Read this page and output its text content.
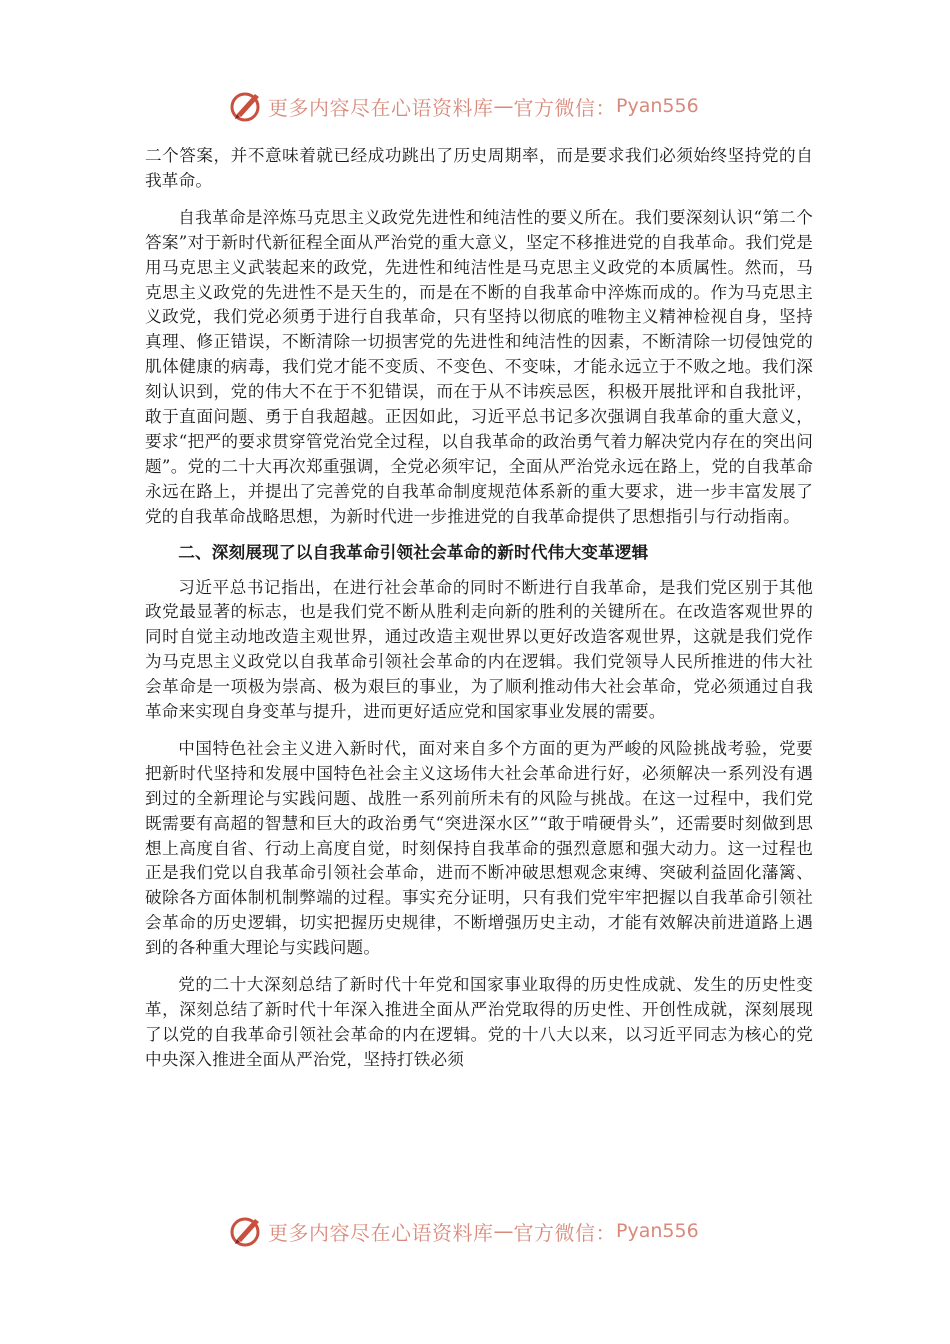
更多内容尽在心语资料库 — 官方微信： Pyan556

二个答案，并不意味着就已经成功跳出了历史周期率，而是要求我们必须始终坚持党的自我革命。

自我革命是淬炼马克思主义政党先进性和纯洁性的要义所在。我们要深刻认识“第二个答案”对于新时代新征程全面从严治党的重大意义，坚定不移推进党的自我革命。我们党是用马克思主义武装起来的政党，先进性和纯洁性是马克思主义政党的本质属性。然而，马克思主义政党的先进性不是天生的，而是在不断的自我革命中淬炼而成的。作为马克思主义政党，我们党必须勇于进行自我革命，只有坚持以彻底的唯物主义精神检视自身，坚持真理、修正错误，不断清除一切损害党的先进性和纯洁性的因素，不断清除一切侵蚀党的肌体健康的病毒，我们党才能不变质、不变色、不变味，才能永远立于不败之地。我们深刻认识到，党的伟大不在于不犯错误，而在于从不讳疾忌医，积极开展批评和自我批评，敢于直面问题、勇于自我超越。正因如此，习近平总书记多次强调自我革命的重大意义，要求“把严的要求贯穿管党治党全过程，以自我革命的政治勇气着力解决党内存在的突出问题”。党的二十大再次郑重强调，全党必须牢记，全面从严治党永远在路上，党的自我革命永远在路上，并提出了完善党的自我革命制度规范体系新的重大要求，进一步丰富发展了党的自我革命战略思想，为新时代进一步推进党的自我革命提供了思想指引与行动指南。

二、深刻展现了以自我革命引领社会革命的新时代伟大变革逻辑

习近平总书记指出，在进行社会革命的同时不断进行自我革命，是我们党区别于其他政党最显著的标志，也是我们党不断从胜利走向新的胜利的关键所在。在改造客观世界的同时自觉主动地改造主观世界，通过改造主观世界以更好改造客观世界，这就是我们党作为马克思主义政党以自我革命引领社会革命的内在逻辑。我们党领导人民所推进的伟大社会革命是一项极为崇高、极为艰巨的事业，为了顺利推动伟大社会革命，党必须通过自我革命来实现自身变革与提升，进而更好适应党和国家事业发展的需要。

中国特色社会主义进入新时代，面对来自多个方面的更为严峻的风险挑战考验，党要把新时代坚持和发展中国特色社会主义这场伟大社会革命进行好，必须解决一系列没有遇到过的全新理论与实践问题、战胜一系列前所未有的风险与挑战。在这一过程中，我们党既需要有高超的智慧和巨大的政治勇气“突进深水区”“敢于啃硬骨头”，还需要时刻做到思想上高度自省、行动上高度自觉，时刻保持自我革命的强烈意愿和强大动力。这一过程也正是我们党以自我革命引领社会革命，进而不断冲破思想观念束缚、突破利益固化藩篱、破除各方面体制机制弊端的过程。事实充分证明，只有我们党牢牢把握以自我革命引领社会革命的历史逻辑，切实把握历史规律，不断增强历史主动，才能有效解决前进道路上遇到的各种重大理论与实践问题。

党的二十大深刻总结了新时代十年党和国家事业取得的历史性成就、发生的历史性变革，深刻总结了新时代十年深入推进全面从严治党取得的历史性、开创性成就，深刻展现了以党的自我革命引领社会革命的内在逻辑。党的十八大以来，以习近平同志为核心的党中央深入推进全面从严治党，坚持打铁必须

更多内容尽在心语资料库 — 官方微信： Pyan556
